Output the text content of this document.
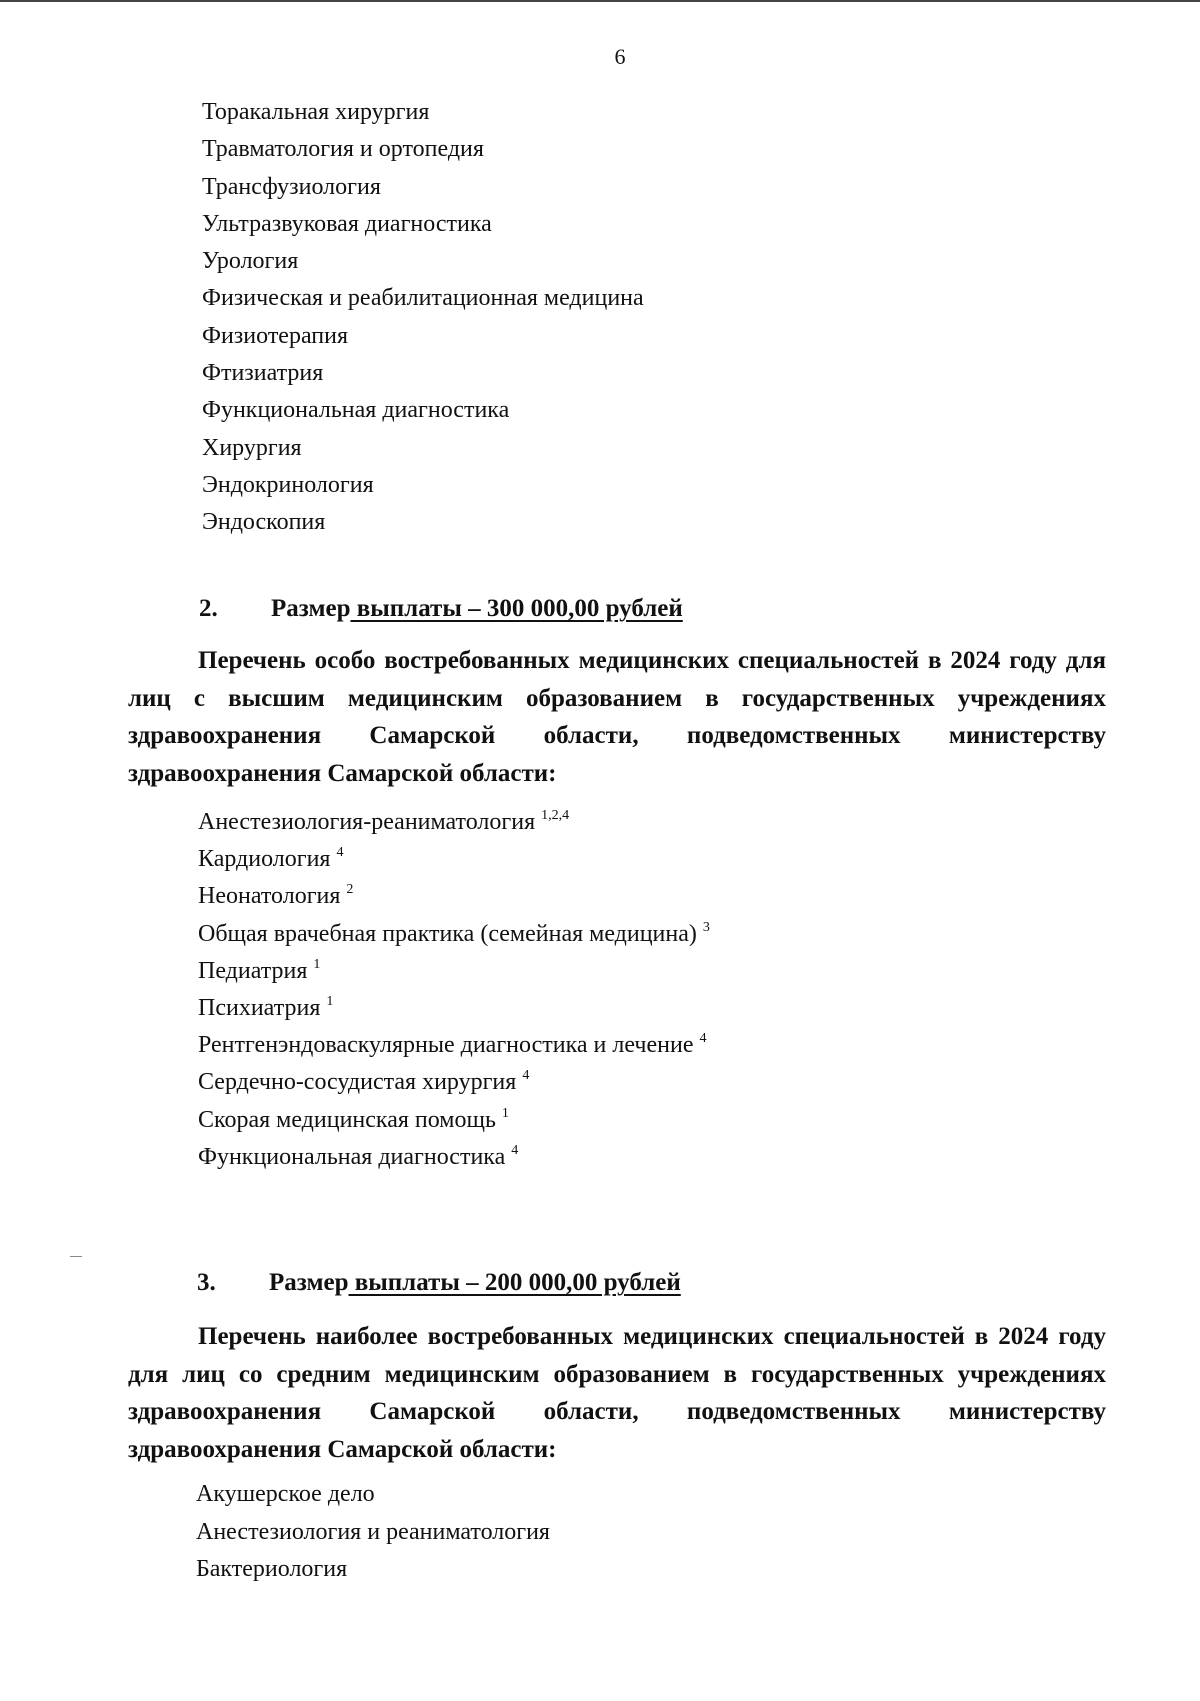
6
Торакальная хирургия
Травматология и ортопедия
Трансфузиология
Ультразвуковая диагностика
Урология
Физическая и реабилитационная медицина
Физиотерапия
Фтизиатрия
Функциональная диагностика
Хирургия
Эндокринология
Эндоскопия
2. Размер выплаты – 300 000,00 рублей

Перечень особо востребованных медицинских специальностей в 2024 году для лиц с высшим медицинским образованием в государственных учреждениях здравоохранения Самарской области, подведомственных министерству здравоохранения Самарской области:

Анестезиология-реаниматология $^{1,2,4}$
Кардиология $^4$
Неонатология $^2$
Общая врачебная практика (семейная медицина) $^3$
Педиатрия $^1$
Психиатрия $^1$
Рентгенэндоваскулярные диагностика и лечение $^4$
Сердечно-сосудистая хирургия $^4$
Скорая медицинская помощь $^1$
Функциональная диагностика $^4$
3. Размер выплаты – 200 000,00 рублей

Перечень наиболее востребованных медицинских специальностей в 2024 году для лиц со средним медицинским образованием в государственных учреждениях здравоохранения Самарской области, подведомственных министерству здравоохранения Самарской области:

Акушерское дело
Анестезиология и реаниматология
Бактериология
